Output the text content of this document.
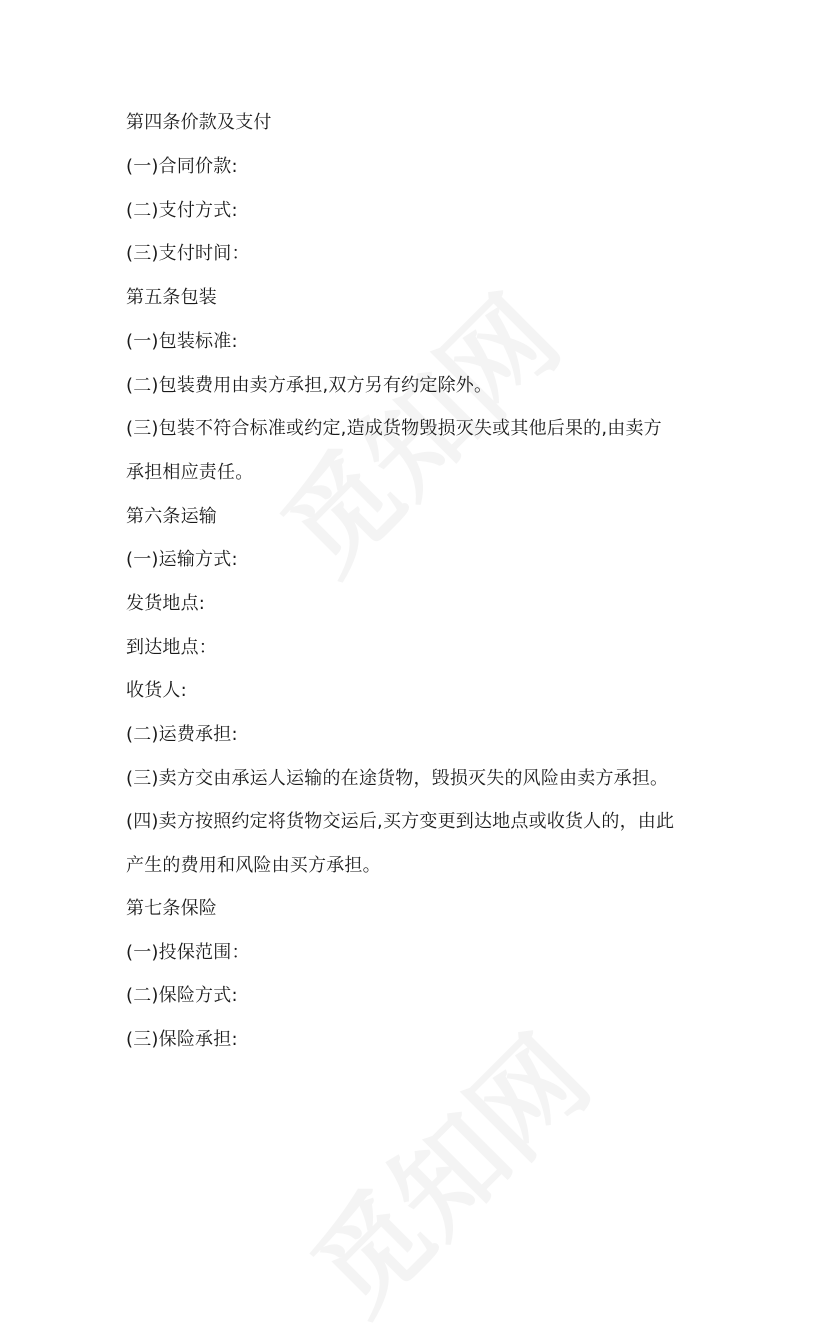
第四条价款及支付
(一)合同价款:
(二)支付方式:
(三)支付时间：
第五条包装
(一)包装标准:
(二)包装费用由卖方承担,双方另有约定除外。
(三)包装不符合标准或约定,造成货物毁损灭失或其他后果的,由卖方
承担相应责任。
第六条运输
(一)运输方式:
发货地点:
到达地点：
收货人:
(二)运费承担:
(三)卖方交由承运人运输的在途货物，毁损灭失的风险由卖方承担。
(四)卖方按照约定将货物交运后,买方变更到达地点或收货人的，由此
产生的费用和风险由买方承担。
第七条保险
(一)投保范围：
(二)保险方式:
(三)保险承担:
